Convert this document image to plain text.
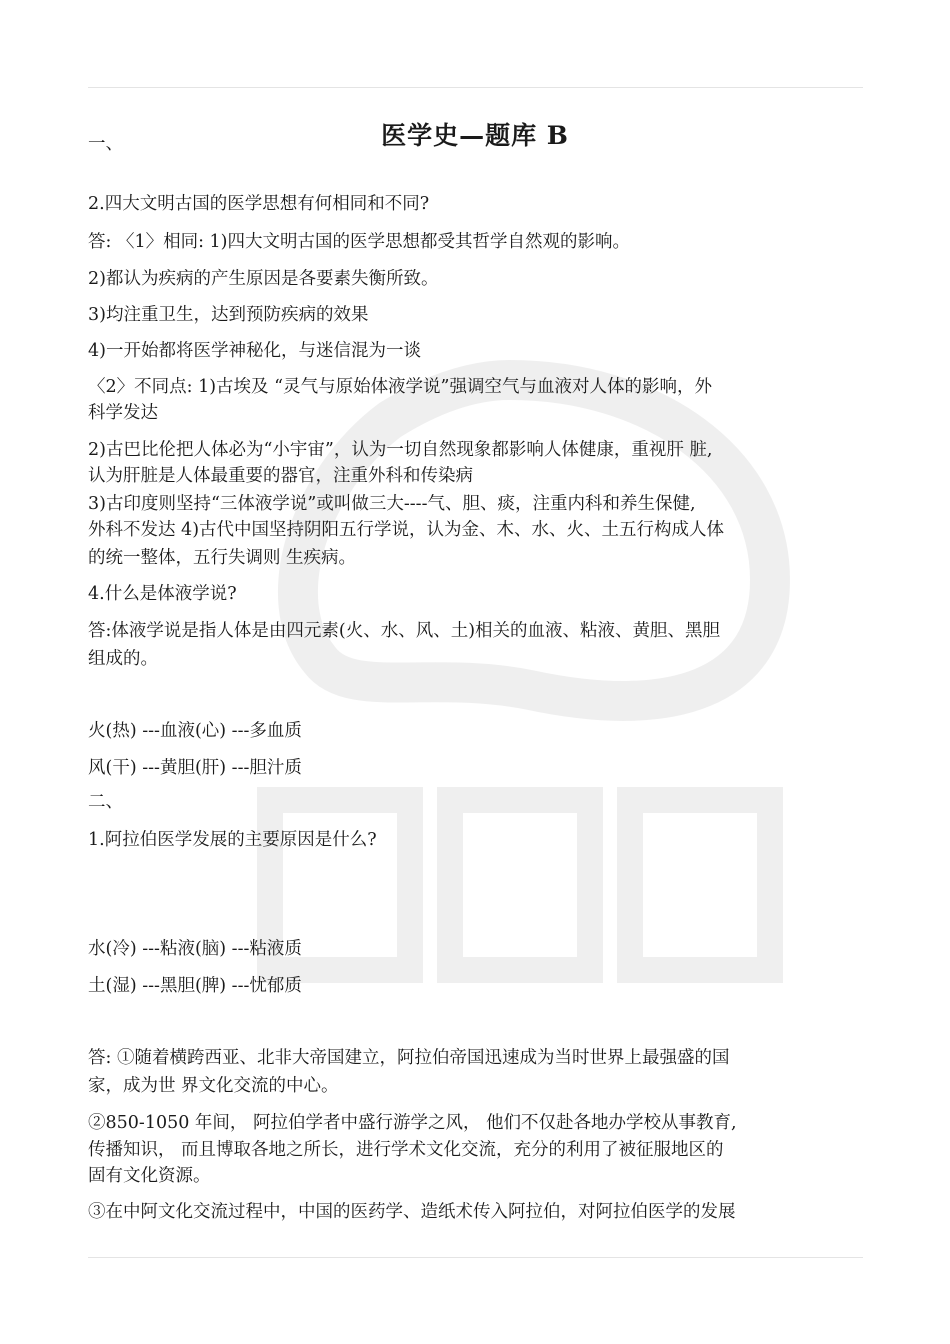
医学史—题库 B
一、
2.四大文明古国的医学思想有何相同和不同?
答: 〈1〉相同: 1)四大文明古国的医学思想都受其哲学自然观的影响。
2)都认为疾病的产生原因是各要素失衡所致。
3)均注重卫生，达到预防疾病的效果
4)一开始都将医学神秘化，与迷信混为一谈
〈2〉不同点: 1)古埃及 “灵气与原始体液学说”强调空气与血液对人体的影响，外
科学发达
2)古巴比伦把人体必为“小宇宙”，认为一切自然现象都影响人体健康，重视肝 脏,
认为肝脏是人体最重要的器官，注重外科和传染病
3)古印度则坚持“三体液学说”或叫做三大----气、胆、痰，注重内科和养生保健,
外科不发达 4)古代中国坚持阴阳五行学说，认为金、木、水、火、土五行构成人体
的统一整体，五行失调则 生疾病。
4.什么是体液学说?
答:体液学说是指人体是由四元素(火、水、风、土)相关的血液、粘液、黄胆、黑胆
组成的。
火(热) ---血液(心) ---多血质
风(干) ---黄胆(肝) ---胆汁质
二、
1.阿拉伯医学发展的主要原因是什么?
水(冷) ---粘液(脑) ---粘液质
土(湿) ---黑胆(脾) ---忧郁质
答: ①随着横跨西亚、北非大帝国建立，阿拉伯帝国迅速成为当时世界上最强盛的国
家，成为世 界文化交流的中心。
②850-1050 年间， 阿拉伯学者中盛行游学之风， 他们不仅赴各地办学校从事教育,
传播知识， 而且博取各地之所长，进行学术文化交流，充分的利用了被征服地区的
固有文化资源。
③在中阿文化交流过程中，中国的医药学、造纸术传入阿拉伯，对阿拉伯医学的发展
